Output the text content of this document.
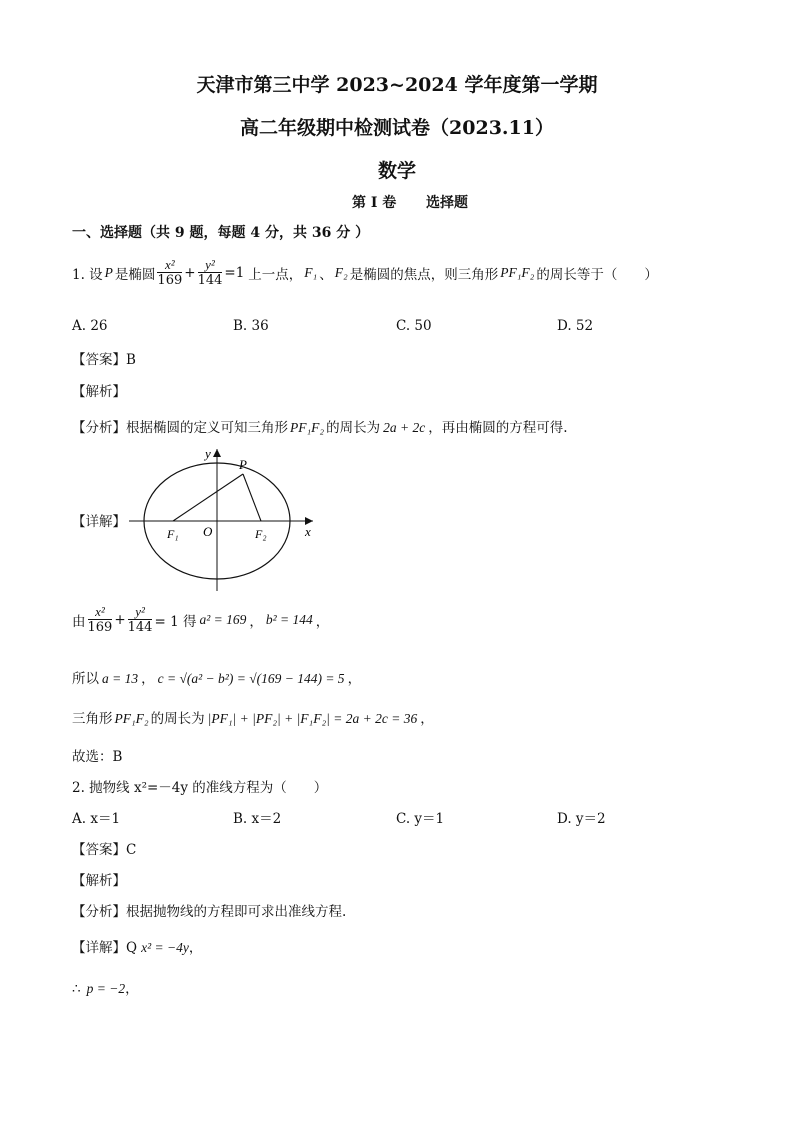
天津市第三中学 2023~2024 学年度第一学期
高二年级期中检测试卷（2023.11）
数学
第 I 卷 选择题
一、选择题（共 9 题，每题 4 分，共 36 分 ）
1. 设 P 是椭圆 $\frac{\text{x²}}{169} + \frac{\text{y²}}{144} =1$ 上一点， F₁ 、 F₂ 是椭圆的焦点，则三角形 PF₁F₂ 的周长等于（　　）
A. 26	B. 36	C. 50	D. 52
【答案】B
【解析】
【分析】根据椭圆的定义可知三角形 PF₁F₂ 的周长为 2a + 2c ，再由椭圆的方程可得.
【详解】
y
x
P
O
F₁	F₂
由 $\frac{\text{x²}}{169} + \frac{\text{y²}}{144} = 1$ 得 a² = 169 ， b² = 144 ，
所以 a = 13 ， c = √(a² − b²) = √(169 − 144) = 5 ，
三角形 PF₁F₂ 的周长为 |PF₁| + |PF₂| + |F₁F₂| = 2a + 2c = 36 ，
故选：B
2. 抛物线 x²=－4y 的准线方程为（　　）
A. x＝1	B. x＝2	C. y＝1	D. y＝2
【答案】C
【解析】
【分析】根据抛物线的方程即可求出准线方程.
【详解】Q x² = −4y，
∴ p = −2，
